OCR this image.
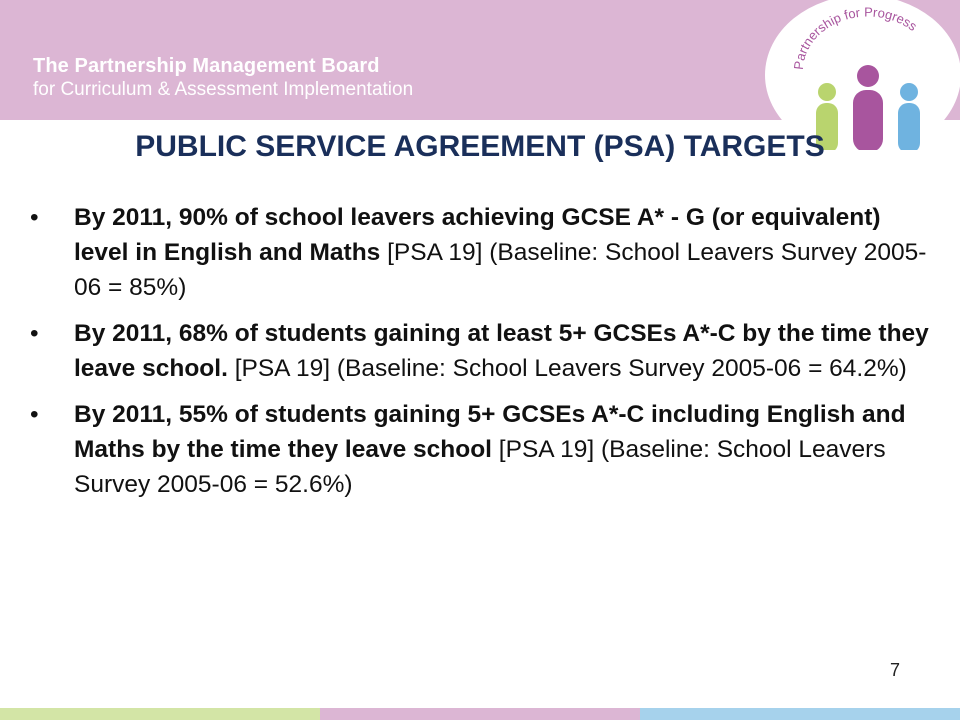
The Partnership Management Board
for Curriculum & Assessment Implementation
Partnership for Progress
PUBLIC SERVICE AGREEMENT (PSA) TARGETS
• By 2011, 90% of school leavers achieving GCSE A* - G (or equivalent) level in English and Maths [PSA 19] (Baseline: School Leavers Survey 2005-06 = 85%)
• By 2011, 68% of students gaining at least 5+ GCSEs A*-C by the time they leave school. [PSA 19] (Baseline: School Leavers Survey 2005-06 = 64.2%)
• By 2011, 55% of students gaining 5+ GCSEs A*-C including English and Maths by the time they leave school [PSA 19] (Baseline: School Leavers Survey 2005-06 = 52.6%)
7
